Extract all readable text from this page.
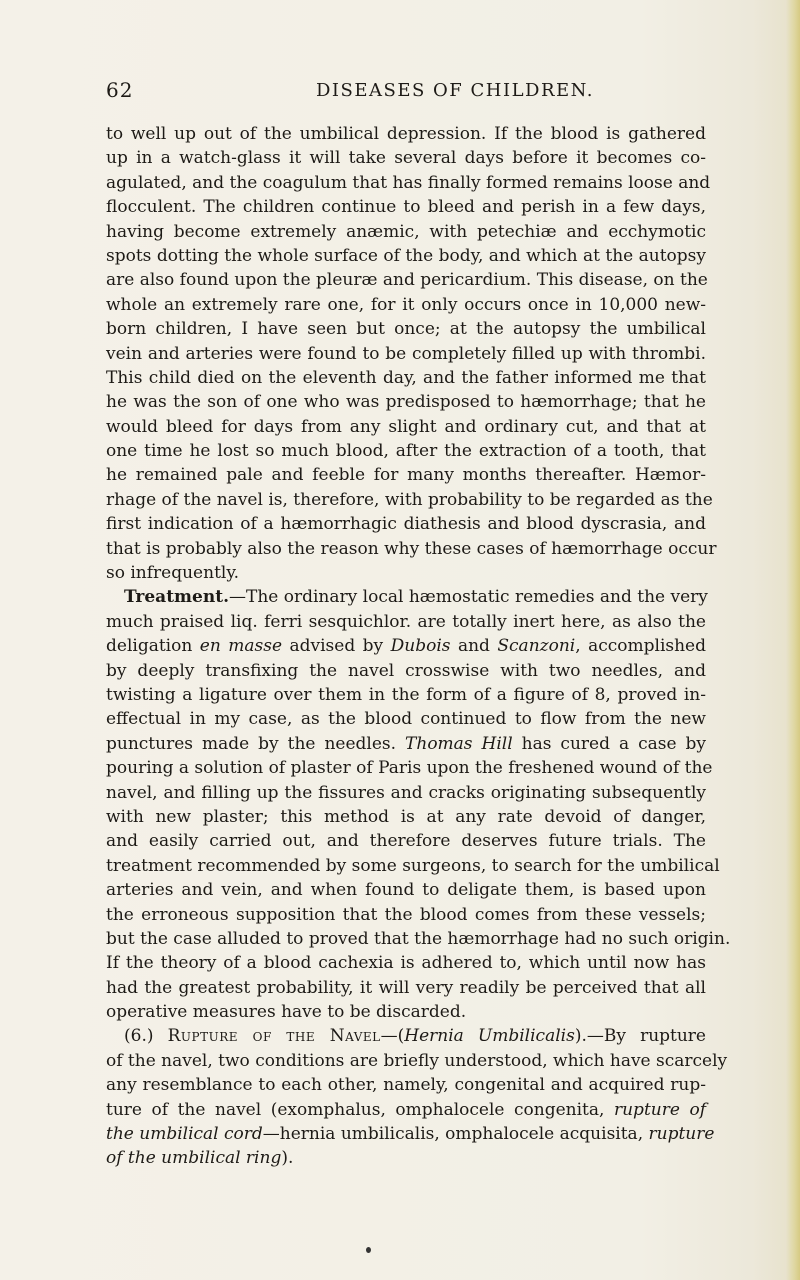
62	DISEASES OF CHILDREN.
to well up out of the umbilical depression. If the blood is gathered
up in a watch-glass it will take several days before it becomes co-
agulated, and the coagulum that has finally formed remains loose and
flocculent. The children continue to bleed and perish in a few days,
having become extremely anæmic, with petechiæ and ecchymotic
spots dotting the whole surface of the body, and which at the autopsy
are also found upon the pleuræ and pericardium. This disease, on the
whole an extremely rare one, for it only occurs once in 10,000 new-
born children, I have seen but once; at the autopsy the umbilical
vein and arteries were found to be completely filled up with thrombi.
This child died on the eleventh day, and the father informed me that
he was the son of one who was predisposed to hæmorrhage; that he
would bleed for days from any slight and ordinary cut, and that at
one time he lost so much blood, after the extraction of a tooth, that
he remained pale and feeble for many months thereafter. Hæmor-
rhage of the navel is, therefore, with probability to be regarded as the
first indication of a hæmorrhagic diathesis and blood dyscrasia, and
that is probably also the reason why these cases of hæmorrhage occur
so infrequently.
Treatment.—The ordinary local hæmostatic remedies and the very
much praised liq. ferri sesquichlor. are totally inert here, as also the
deligation en masse advised by Dubois and Scanzoni, accomplished
by deeply transfixing the navel crosswise with two needles, and
twisting a ligature over them in the form of a figure of 8, proved in-
effectual in my case, as the blood continued to flow from the new
punctures made by the needles. Thomas Hill has cured a case by
pouring a solution of plaster of Paris upon the freshened wound of the
navel, and filling up the fissures and cracks originating subsequently
with new plaster; this method is at any rate devoid of danger,
and easily carried out, and therefore deserves future trials. The
treatment recommended by some surgeons, to search for the umbilical
arteries and vein, and when found to deligate them, is based upon
the erroneous supposition that the blood comes from these vessels;
but the case alluded to proved that the hæmorrhage had no such origin.
If the theory of a blood cachexia is adhered to, which until now has
had the greatest probability, it will very readily be perceived that all
operative measures have to be discarded.
(6.) Rupture of the Navel—(Hernia Umbilicalis).—By rupture
of the navel, two conditions are briefly understood, which have scarcely
any resemblance to each other, namely, congenital and acquired rup-
ture of the navel (exomphalus, omphalocele congenita, rupture of
the umbilical cord—hernia umbilicalis, omphalocele acquisita, rupture
of the umbilical ring).
